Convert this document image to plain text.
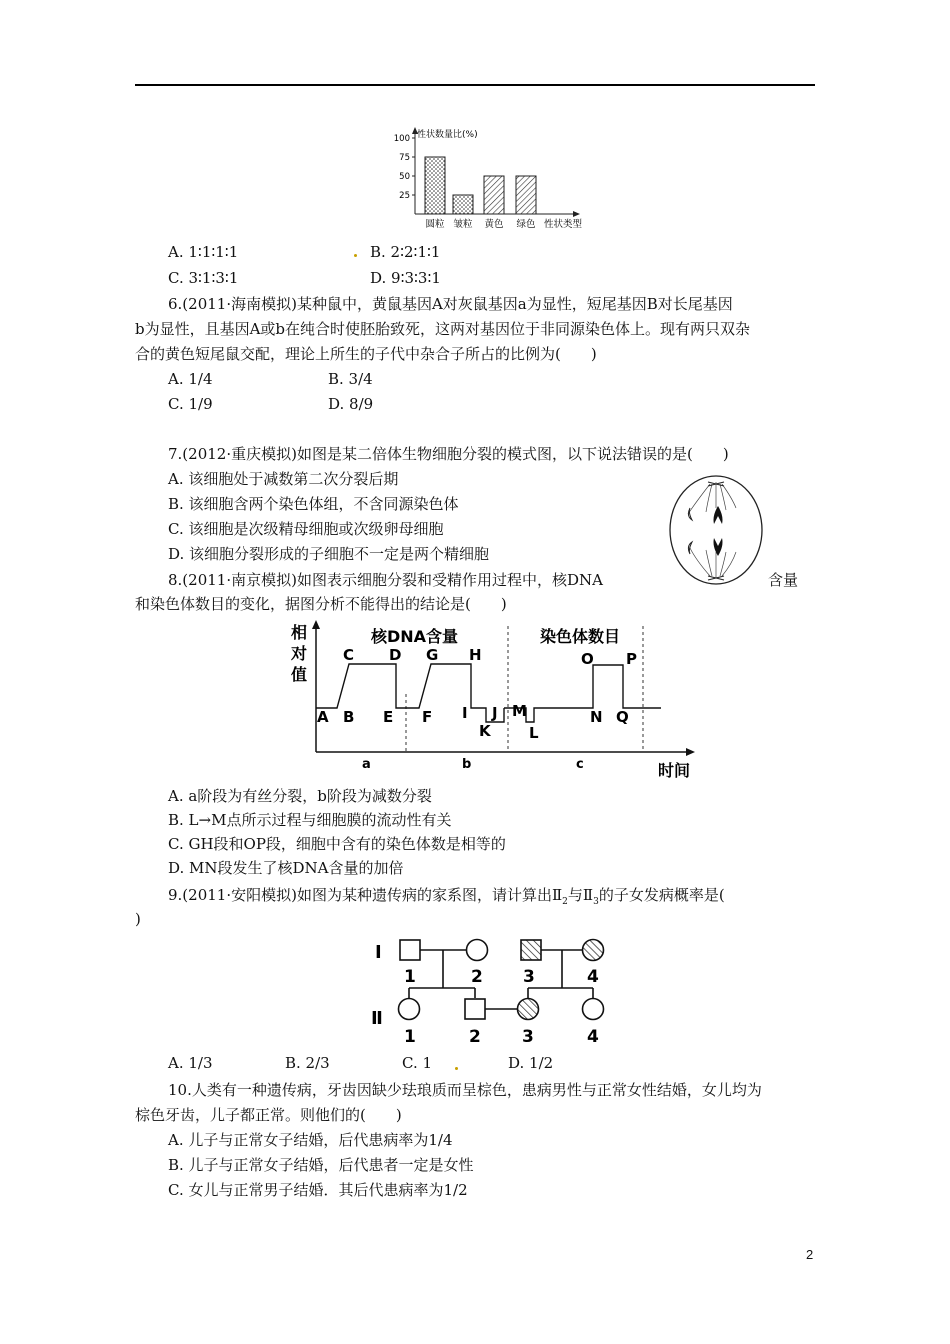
性状数量比(%)
100
75
50
25
圆粒 皱粒 黄色 绿色 性状类型
A. 1∶1∶1∶1	B. 2∶2∶1∶1
C. 3∶1∶3∶1	D. 9∶3∶3∶1
6.(2011·海南模拟)某种鼠中，黄鼠基因A对灰鼠基因a为显性，短尾基因B对长尾基因
b为显性，且基因A或b在纯合时使胚胎致死，这两对基因位于非同源染色体上。现有两只双杂
合的黄色短尾鼠交配，理论上所生的子代中杂合子所占的比例为(　　)
A. 1/4	B. 3/4
C. 1/9	D. 8/9
7.(2012·重庆模拟)如图是某二倍体生物细胞分裂的模式图，以下说法错误的是(　　)
A. 该细胞处于减数第二次分裂后期
B. 该细胞含两个染色体组，不含同源染色体
C. 该细胞是次级精母细胞或次级卵母细胞
D. 该细胞分裂形成的子细胞不一定是两个精细胞
8.(2011·南京模拟)如图表示细胞分裂和受精作用过程中，核DNA	含量
和染色体数目的变化，据图分析不能得出的结论是(　　)
相
对
值
核DNA含量	染色体数目
A B
C D
E F
G H
I J
K	L
M	N
O P
Q
a	b	c	时间
A. a阶段为有丝分裂，b阶段为减数分裂
B. L→M点所示过程与细胞膜的流动性有关
C. GH段和OP段，细胞中含有的染色体数是相等的
D. MN段发生了核DNA含量的加倍
9.(2011·安阳模拟)如图为某种遗传病的家系图，请计算出$Ⅱ_2$与$Ⅱ_3$的子女发病概率是(
)
Ⅰ
Ⅱ
1	2 3	4
1	2 3	4
A. 1/3	B. 2/3	C. 1	D. 1/2
10.人类有一种遗传病，牙齿因缺少珐琅质而呈棕色，患病男性与正常女性结婚，女儿均为
棕色牙齿，儿子都正常。则他们的(　　)
A. 儿子与正常女子结婚，后代患病率为1/4
B. 儿子与正常女子结婚，后代患者一定是女性
C. 女儿与正常男子结婚．其后代患病率为1/2
2
